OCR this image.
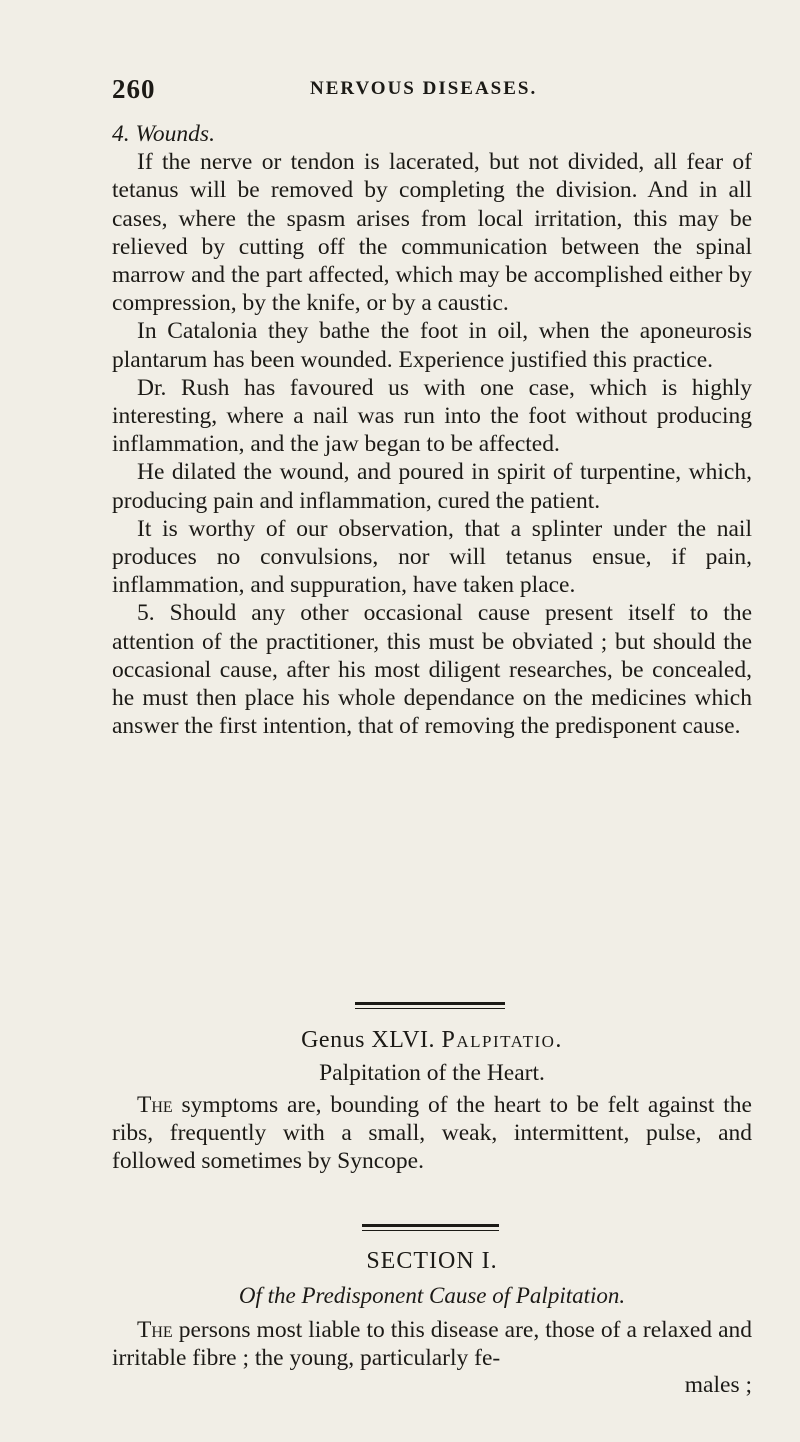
260	NERVOUS DISEASES.

4. Wounds.

If the nerve or tendon is lacerated, but not divided, all fear of tetanus will be removed by completing the division. And in all cases, where the spasm arises from local irritation, this may be relieved by cutting off the communication between the spinal marrow and the part affected, which may be accomplished either by compression, by the knife, or by a caustic.

In Catalonia they bathe the foot in oil, when the aponeurosis plantarum has been wounded. Experience justified this practice.

Dr. Rush has favoured us with one case, which is highly interesting, where a nail was run into the foot without producing inflammation, and the jaw began to be affected.

He dilated the wound, and poured in spirit of turpentine, which, producing pain and inflammation, cured the patient.

It is worthy of our observation, that a splinter under the nail produces no convulsions, nor will tetanus ensue, if pain, inflammation, and suppuration, have taken place.

5. Should any other occasional cause present itself to the attention of the practitioner, this must be obviated ; but should the occasional cause, after his most diligent researches, be concealed, he must then place his whole dependance on the medicines which answer the first intention, that of removing the predisponent cause.

Genus XLVI. Palpitatio.
Palpitation of the Heart.

The symptoms are, bounding of the heart to be felt against the ribs, frequently with a small, weak, intermittent, pulse, and followed sometimes by Syncope.

SECTION I.
Of the Predisponent Cause of Palpitation.

The persons most liable to this disease are, those of a relaxed and irritable fibre ; the young, particularly fe-

males ;
